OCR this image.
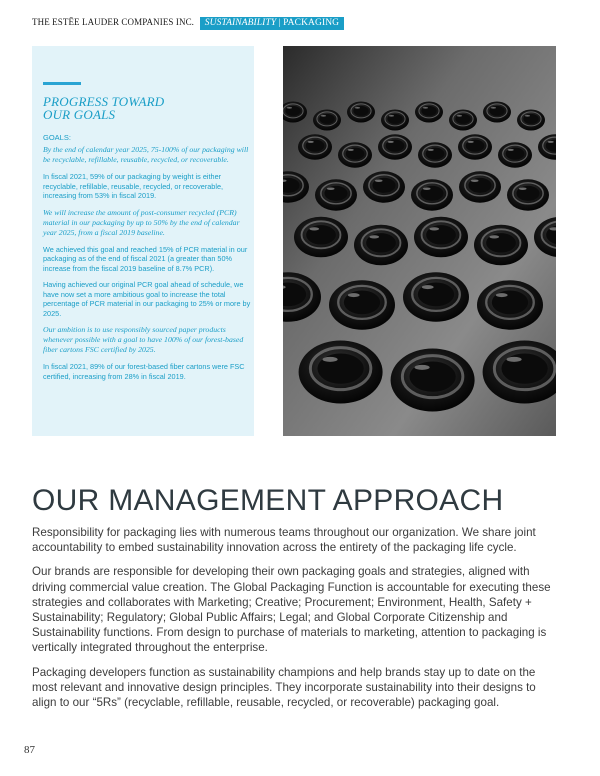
THE ESTĒE LAUDER COMPANIES INC. SUSTAINABILITY | PACKAGING
PROGRESS TOWARD
OUR GOALS
GOALS:
By the end of calendar year 2025, 75-100% of our packaging will be recyclable, refillable, reusable, recycled, or recoverable.
In fiscal 2021, 59% of our packaging by weight is either recyclable, refillable, reusable, recycled, or recoverable, increasing from 53% in fiscal 2019.
We will increase the amount of post-consumer recycled (PCR) material in our packaging by up to 50% by the end of calendar year 2025, from a fiscal 2019 baseline.
We achieved this goal and reached 15% of PCR material in our packaging as of the end of fiscal 2021 (a greater than 50% increase from the fiscal 2019 baseline of 8.7% PCR).
Having achieved our original PCR goal ahead of schedule, we have now set a more ambitious goal to increase the total percentage of PCR material in our packaging to 25% or more by 2025.
Our ambition is to use responsibly sourced paper products whenever possible with a goal to have 100% of our forest-based fiber cartons FSC certified by 2025.
In fiscal 2021, 89% of our forest-based fiber cartons were FSC certified, increasing from 28% in fiscal 2019.
OUR MANAGEMENT APPROACH

Responsibility for packaging lies with numerous teams throughout our organization. We share joint accountability to embed sustainability innovation across the entirety of the packaging life cycle.

Our brands are responsible for developing their own packaging goals and strategies, aligned with driving commercial value creation. The Global Packaging Function is accountable for executing these strategies and collaborates with Marketing; Creative; Procurement; Environment, Health, Safety + Sustainability; Regulatory; Global Public Affairs; Legal; and Global Corporate Citizenship and Sustainability functions. From design to purchase of materials to marketing, attention to packaging is vertically integrated throughout the enterprise.

Packaging developers function as sustainability champions and help brands stay up to date on the most relevant and innovative design principles. They incorporate sustainability into their designs to align to our “5Rs” (recyclable, refillable, reusable, recycled, or recoverable) packaging goal.

87
